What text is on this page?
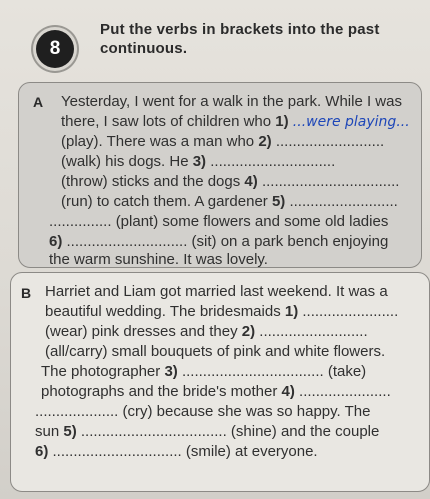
8
Put the verbs in brackets into the past
continuous.
A Yesterday, I went for a walk in the park. While I was
there, I saw lots of children who 1) ...were playing...
(play). There was a man who 2) ..........................
(walk) his dogs. He 3) ..............................
(throw) sticks and the dogs 4) .................................
(run) to catch them. A gardener 5) ..........................
............... (plant) some flowers and some old ladies
6) ............................. (sit) on a park bench enjoying
the warm sunshine. It was lovely.
B Harriet and Liam got married last weekend. It was a
beautiful wedding. The bridesmaids 1) .......................
(wear) pink dresses and they 2) ..........................
(all/carry) small bouquets of pink and white flowers.
The photographer 3) .................................. (take)
photographs and the bride's mother 4) ......................
.................... (cry) because she was so happy. The
sun 5) ................................... (shine) and the couple
6) ............................... (smile) at everyone.
